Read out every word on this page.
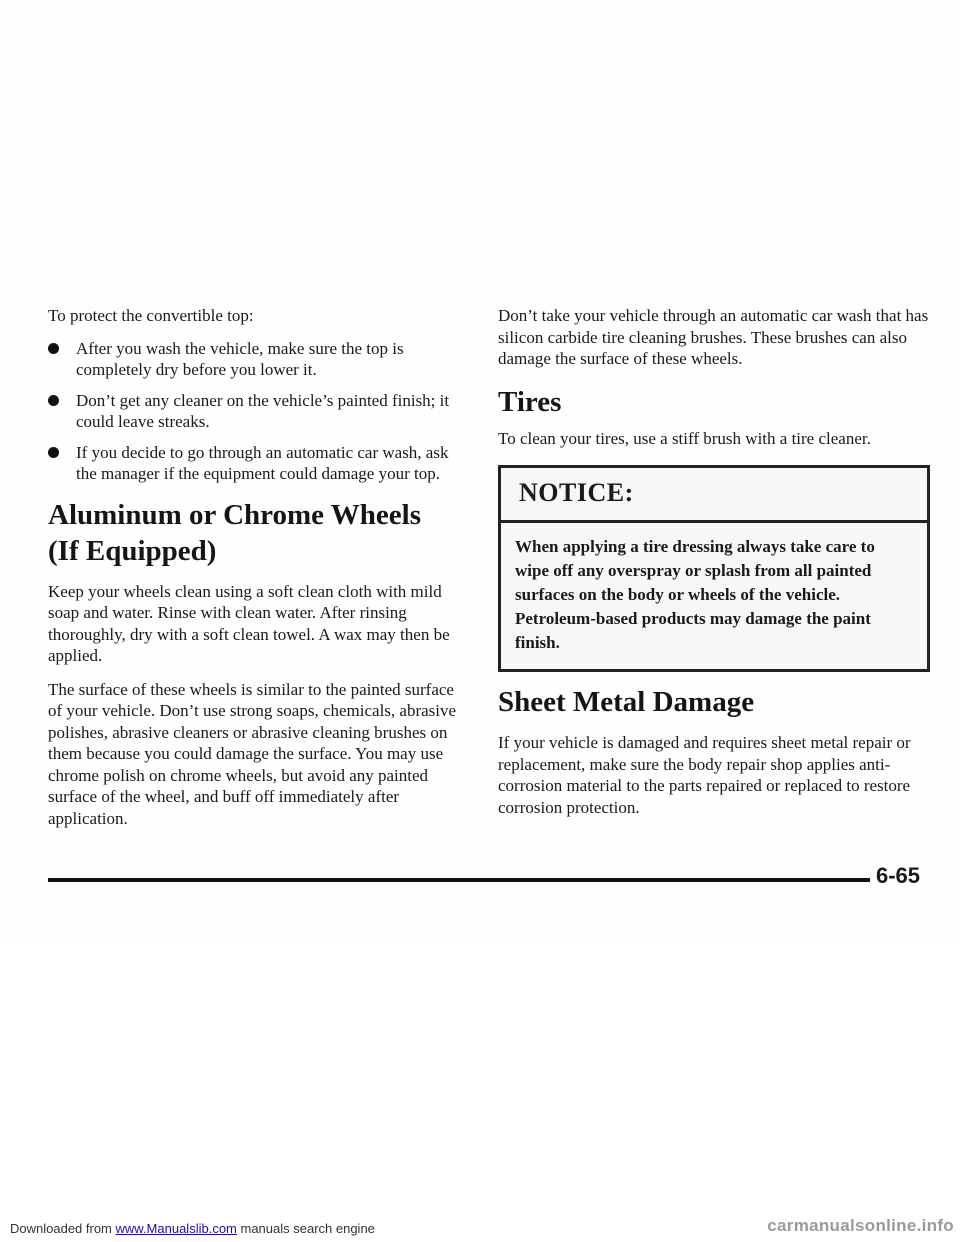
To protect the convertible top:

After you wash the vehicle, make sure the top is completely dry before you lower it.
Don’t get any cleaner on the vehicle’s painted finish; it could leave streaks.
If you decide to go through an automatic car wash, ask the manager if the equipment could damage your top.
Aluminum or Chrome Wheels
(If Equipped)

Keep your wheels clean using a soft clean cloth with mild soap and water. Rinse with clean water. After rinsing thoroughly, dry with a soft clean towel. A wax may then be applied.

The surface of these wheels is similar to the painted surface of your vehicle. Don’t use strong soaps, chemicals, abrasive polishes, abrasive cleaners or abrasive cleaning brushes on them because you could damage the surface. You may use chrome polish on chrome wheels, but avoid any painted surface of the wheel, and buff off immediately after application.

Don’t take your vehicle through an automatic car wash that has silicon carbide tire cleaning brushes. These brushes can also damage the surface of these wheels.

Tires

To clean your tires, use a stiff brush with a tire cleaner.

NOTICE:
When applying a tire dressing always take care to wipe off any overspray or splash from all painted surfaces on the body or wheels of the vehicle. Petroleum-based products may damage the paint finish.
Sheet Metal Damage

If your vehicle is damaged and requires sheet metal repair or replacement, make sure the body repair shop applies anti-corrosion material to the parts repaired or replaced to restore corrosion protection.

6-65
Downloaded from www.Manualslib.com manuals search engine	carmanualsonline.info
